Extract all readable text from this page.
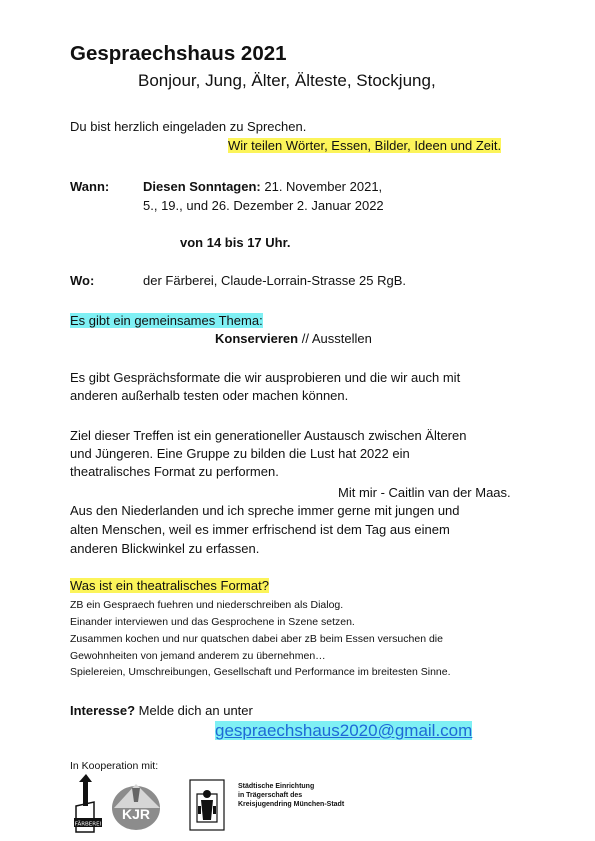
Gespraechshaus 2021
Bonjour, Jung, Älter, Älteste, Stockjung,
Du bist herzlich eingeladen zu Sprechen.
Wir teilen Wörter, Essen, Bilder, Ideen und Zeit.
Wann:	Diesen Sonntagen: 21. November 2021,
5., 19., und 26. Dezember 2. Januar 2022
von 14 bis 17 Uhr.
Wo:	der Färberei, Claude-Lorrain-Strasse 25 RgB.
Es gibt ein gemeinsames Thema:
Konservieren // Ausstellen
Es gibt Gesprächsformate die wir ausprobieren und die wir auch mit
anderen außerhalb testen oder machen können.
Ziel dieser Treffen ist ein generationeller Austausch zwischen Älteren
und Jüngeren. Eine Gruppe zu bilden die Lust hat 2022 ein
theatralisches Format zu performen.
Mit mir - Caitlin van der Maas.
Aus den Niederlanden und ich spreche immer gerne mit jungen und
alten Menschen, weil es immer erfrischend ist dem Tag aus einem
anderen Blickwinkel zu erfassen.
Was ist ein theatralisches Format?
ZB ein Gespraech fuehren und niederschreiben als Dialog.
Einander interviewen und das Gesprochene in Szene setzen.
Zusammen kochen und nur quatschen dabei aber zB beim Essen versuchen die
Gewohnheiten von jemand anderem zu übernehmen…
Spielereien, Umschreibungen, Gesellschaft und Performance im breitesten Sinne.
Interesse? Melde dich an unter
gespraechshaus2020@gmail.com
In Kooperation mit:
FÄRBEREI
KJR
Städtische Einrichtung
in Trägerschaft des
Kreisjugendring München-Stadt
